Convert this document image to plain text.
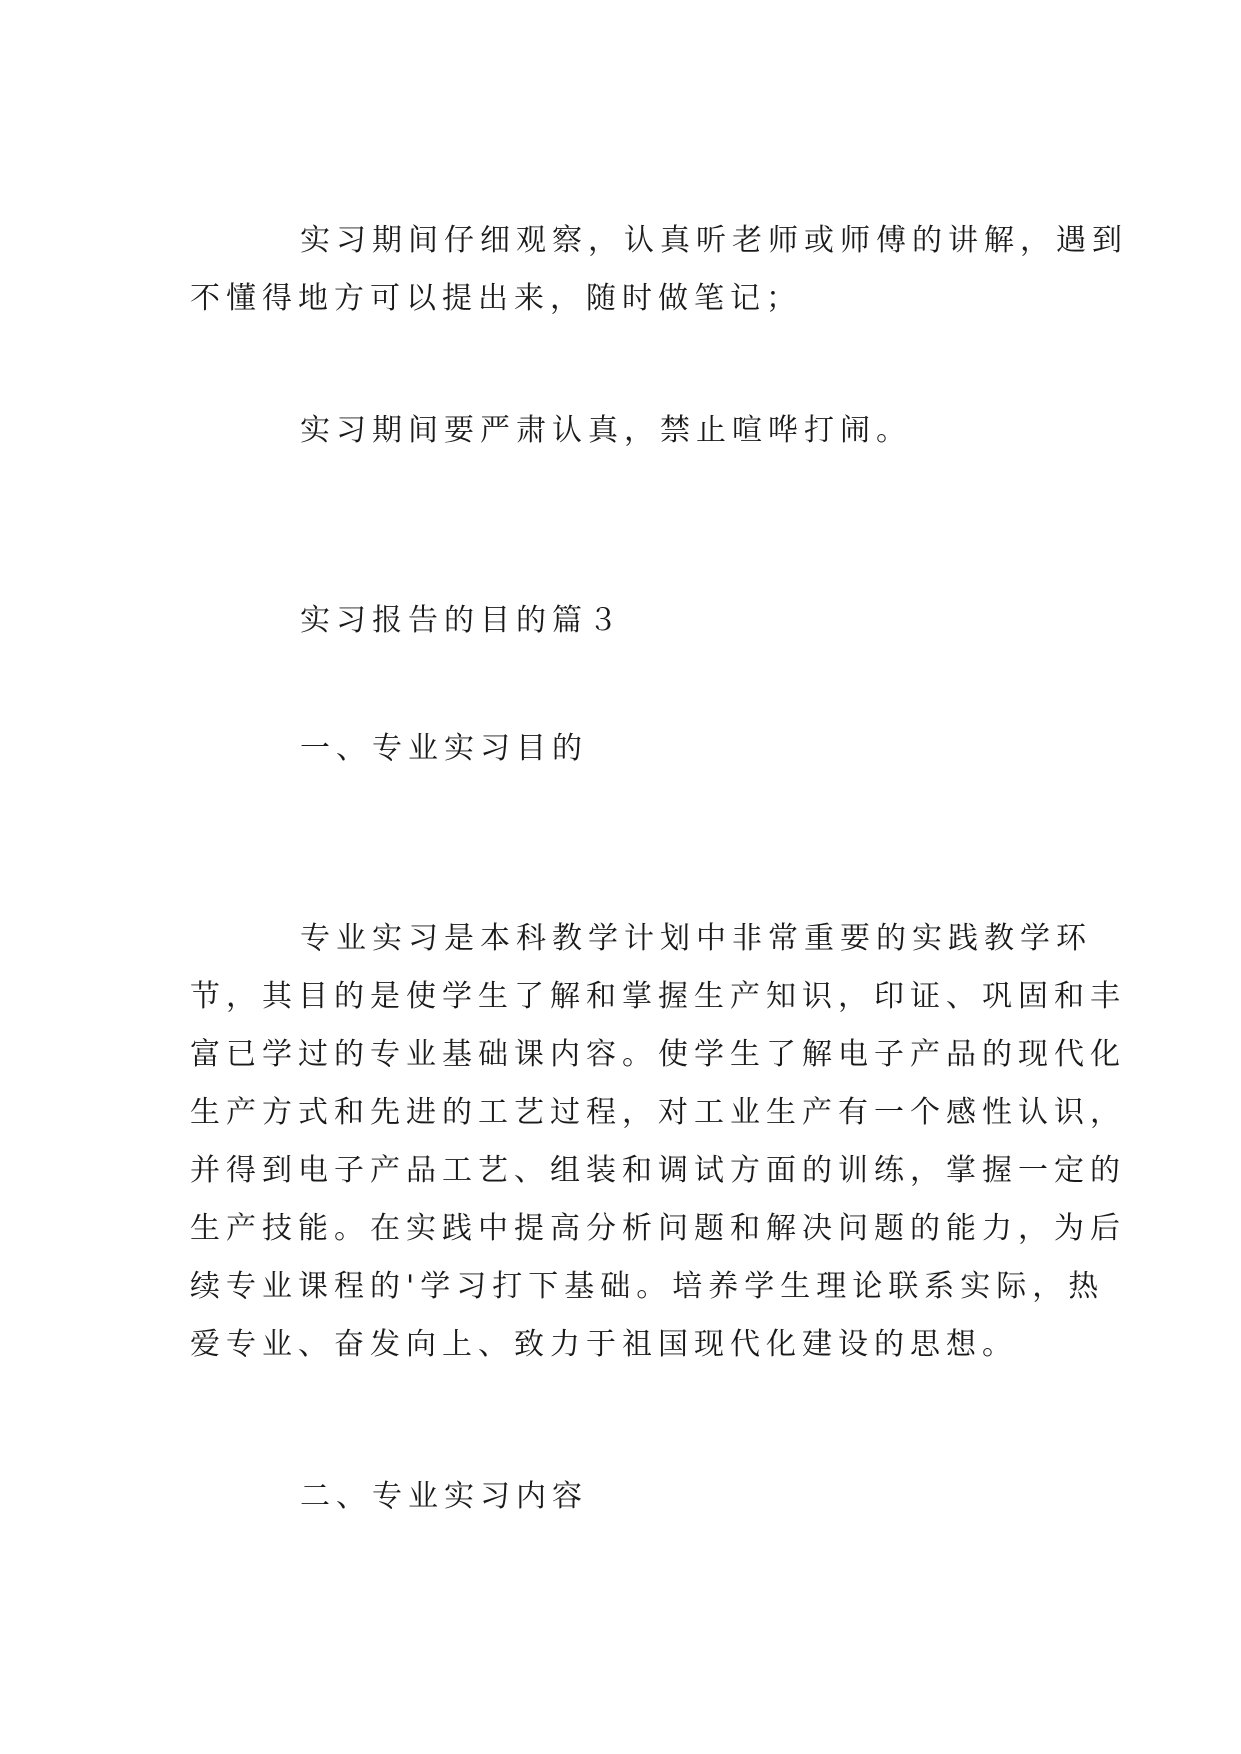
实习期间仔细观察，认真听老师或师傅的讲解，遇到
不懂得地方可以提出来，随时做笔记；
实习期间要严肃认真，禁止喧哗打闹。
实习报告的目的篇３
一、专业实习目的
专业实习是本科教学计划中非常重要的实践教学环
节，其目的是使学生了解和掌握生产知识，印证、巩固和丰
富已学过的专业基础课内容。使学生了解电子产品的现代化
生产方式和先进的工艺过程，对工业生产有一个感性认识，
并得到电子产品工艺、组装和调试方面的训练，掌握一定的
生产技能。在实践中提高分析问题和解决问题的能力，为后
续专业课程的'学习打下基础。培养学生理论联系实际，热
爱专业、奋发向上、致力于祖国现代化建设的思想。
二、专业实习内容
